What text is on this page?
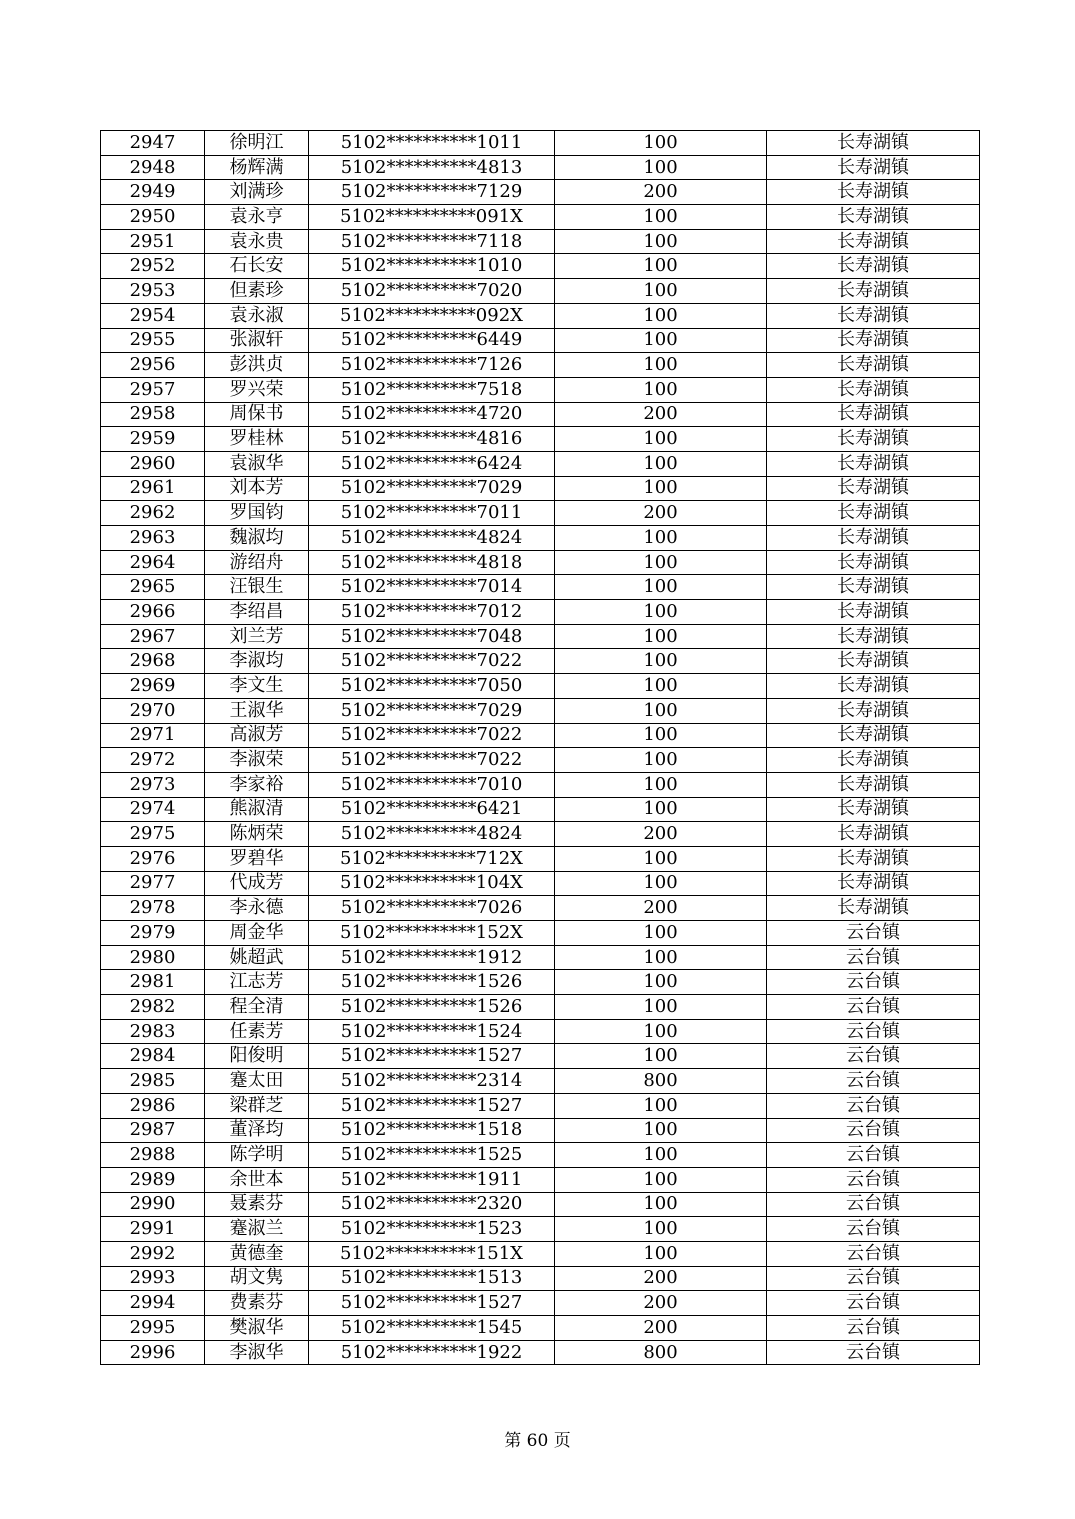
2947	徐明江	5102**********1011	100	长寿湖镇
2948	杨辉满	5102**********4813	100	长寿湖镇
2949	刘满珍	5102**********7129	200	长寿湖镇
2950	袁永亨	5102**********091X	100	长寿湖镇
2951	袁永贵	5102**********7118	100	长寿湖镇
2952	石长安	5102**********1010	100	长寿湖镇
2953	但素珍	5102**********7020	100	长寿湖镇
2954	袁永淑	5102**********092X	100	长寿湖镇
2955	张淑轩	5102**********6449	100	长寿湖镇
2956	彭洪贞	5102**********7126	100	长寿湖镇
2957	罗兴荣	5102**********7518	100	长寿湖镇
2958	周保书	5102**********4720	200	长寿湖镇
2959	罗桂林	5102**********4816	100	长寿湖镇
2960	袁淑华	5102**********6424	100	长寿湖镇
2961	刘本芳	5102**********7029	100	长寿湖镇
2962	罗国钧	5102**********7011	200	长寿湖镇
2963	魏淑均	5102**********4824	100	长寿湖镇
2964	游绍舟	5102**********4818	100	长寿湖镇
2965	汪银生	5102**********7014	100	长寿湖镇
2966	李绍昌	5102**********7012	100	长寿湖镇
2967	刘兰芳	5102**********7048	100	长寿湖镇
2968	李淑均	5102**********7022	100	长寿湖镇
2969	李文生	5102**********7050	100	长寿湖镇
2970	王淑华	5102**********7029	100	长寿湖镇
2971	高淑芳	5102**********7022	100	长寿湖镇
2972	李淑荣	5102**********7022	100	长寿湖镇
2973	李家裕	5102**********7010	100	长寿湖镇
2974	熊淑清	5102**********6421	100	长寿湖镇
2975	陈炳荣	5102**********4824	200	长寿湖镇
2976	罗碧华	5102**********712X	100	长寿湖镇
2977	代成芳	5102**********104X	100	长寿湖镇
2978	李永德	5102**********7026	200	长寿湖镇
2979	周金华	5102**********152X	100	云台镇
2980	姚超武	5102**********1912	100	云台镇
2981	江志芳	5102**********1526	100	云台镇
2982	程全清	5102**********1526	100	云台镇
2983	任素芳	5102**********1524	100	云台镇
2984	阳俊明	5102**********1527	100	云台镇
2985	蹇太田	5102**********2314	800	云台镇
2986	梁群芝	5102**********1527	100	云台镇
2987	董泽均	5102**********1518	100	云台镇
2988	陈学明	5102**********1525	100	云台镇
2989	余世本	5102**********1911	100	云台镇
2990	聂素芬	5102**********2320	100	云台镇
2991	蹇淑兰	5102**********1523	100	云台镇
2992	黄德奎	5102**********151X	100	云台镇
2993	胡文隽	5102**********1513	200	云台镇
2994	费素芬	5102**********1527	200	云台镇
2995	樊淑华	5102**********1545	200	云台镇
2996	李淑华	5102**********1922	800	云台镇
第 60 页
